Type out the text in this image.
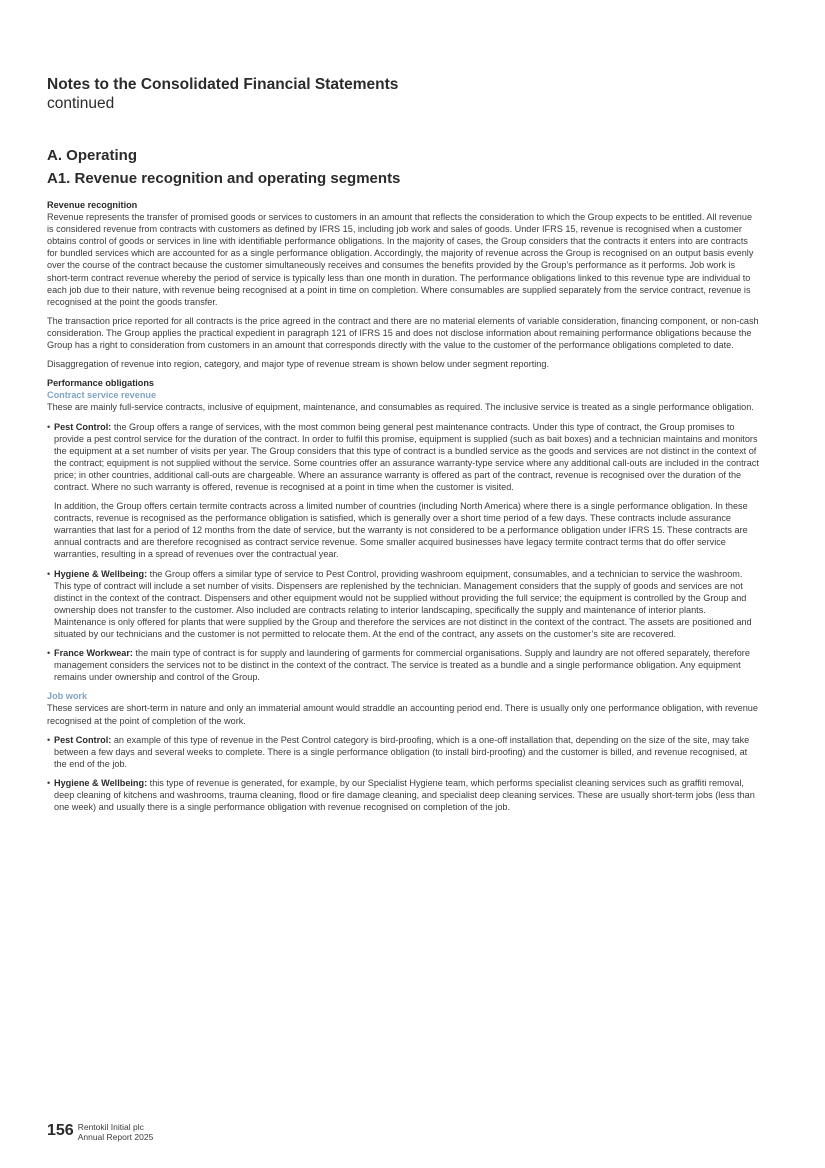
Notes to the Consolidated Financial Statements
continued
A. Operating
A1. Revenue recognition and operating segments
Revenue recognition

Revenue represents the transfer of promised goods or services to customers in an amount that reflects the consideration to which the Group expects to be entitled. All revenue is considered revenue from contracts with customers as defined by IFRS 15, including job work and sales of goods. Under IFRS 15, revenue is recognised when a customer obtains control of goods or services in line with identifiable performance obligations. In the majority of cases, the Group considers that the contracts it enters into are contracts for bundled services which are accounted for as a single performance obligation. Accordingly, the majority of revenue across the Group is recognised on an output basis evenly over the course of the contract because the customer simultaneously receives and consumes the benefits provided by the Group’s performance as it performs. Job work is short-term contract revenue whereby the period of service is typically less than one month in duration. The performance obligations linked to this revenue type are individual to each job due to their nature, with revenue being recognised at a point in time on completion. Where consumables are supplied separately from the service contract, revenue is recognised at the point the goods transfer.

The transaction price reported for all contracts is the price agreed in the contract and there are no material elements of variable consideration, financing component, or non-cash consideration. The Group applies the practical expedient in paragraph 121 of IFRS 15 and does not disclose information about remaining performance obligations because the Group has a right to consideration from customers in an amount that corresponds directly with the value to the customer of the performance obligations completed to date.

Disaggregation of revenue into region, category, and major type of revenue stream is shown below under segment reporting.

Performance obligations
Contract service revenue

These are mainly full-service contracts, inclusive of equipment, maintenance, and consumables as required. The inclusive service is treated as a single performance obligation.

• Pest Control: the Group offers a range of services, with the most common being general pest maintenance contracts. Under this type of contract, the Group promises to provide a pest control service for the duration of the contract. In order to fulfil this promise, equipment is supplied (such as bait boxes) and a technician maintains and monitors the equipment at a set number of visits per year. The Group considers that this type of contract is a bundled service as the goods and services are not distinct in the context of the contract; equipment is not supplied without the service. Some countries offer an assurance warranty-type service where any additional call-outs are included in the contract price; in other countries, additional call-outs are chargeable. Where an assurance warranty is offered as part of the contract, revenue is recognised over the duration of the contract. Where no such warranty is offered, revenue is recognised at a point in time when the customer is visited.
In addition, the Group offers certain termite contracts across a limited number of countries (including North America) where there is a single performance obligation. In these contracts, revenue is recognised as the performance obligation is satisfied, which is generally over a short time period of a few days. These contracts include assurance warranties that last for a period of 12 months from the date of service, but the warranty is not considered to be a performance obligation under IFRS 15. These contracts are annual contracts and are therefore recognised as contract service revenue. Some smaller acquired businesses have legacy termite contract terms that do offer service warranties, resulting in a spread of revenues over the contractual year.
• Hygiene & Wellbeing: the Group offers a similar type of service to Pest Control, providing washroom equipment, consumables, and a technician to service the washroom. This type of contract will include a set number of visits. Dispensers are replenished by the technician. Management considers that the supply of goods and services are not distinct in the context of the contract. Dispensers and other equipment would not be supplied without providing the full service; the equipment is controlled by the Group and ownership does not transfer to the customer. Also included are contracts relating to interior landscaping, specifically the supply and maintenance of interior plants. Maintenance is only offered for plants that were supplied by the Group and therefore the services are not distinct in the context of the contract. The assets are positioned and situated by our technicians and the customer is not permitted to relocate them. At the end of the contract, any assets on the customer’s site are recovered.
• France Workwear: the main type of contract is for supply and laundering of garments for commercial organisations. Supply and laundry are not offered separately, therefore management considers the services not to be distinct in the context of the contract. The service is treated as a bundle and a single performance obligation. Any equipment remains under ownership and control of the Group.
Job work

These services are short-term in nature and only an immaterial amount would straddle an accounting period end. There is usually only one performance obligation, with revenue recognised at the point of completion of the work.

• Pest Control: an example of this type of revenue in the Pest Control category is bird-proofing, which is a one-off installation that, depending on the size of the site, may take between a few days and several weeks to complete. There is a single performance obligation (to install bird-proofing) and the customer is billed, and revenue recognised, at the end of the job.
• Hygiene & Wellbeing: this type of revenue is generated, for example, by our Specialist Hygiene team, which performs specialist cleaning services such as graffiti removal, deep cleaning of kitchens and washrooms, trauma cleaning, flood or fire damage cleaning, and specialist deep cleaning services. These are usually short-term jobs (less than one week) and usually there is a single performance obligation with revenue recognised on completion of the job.
156 Rentokil Initial plc
Annual Report 2025
